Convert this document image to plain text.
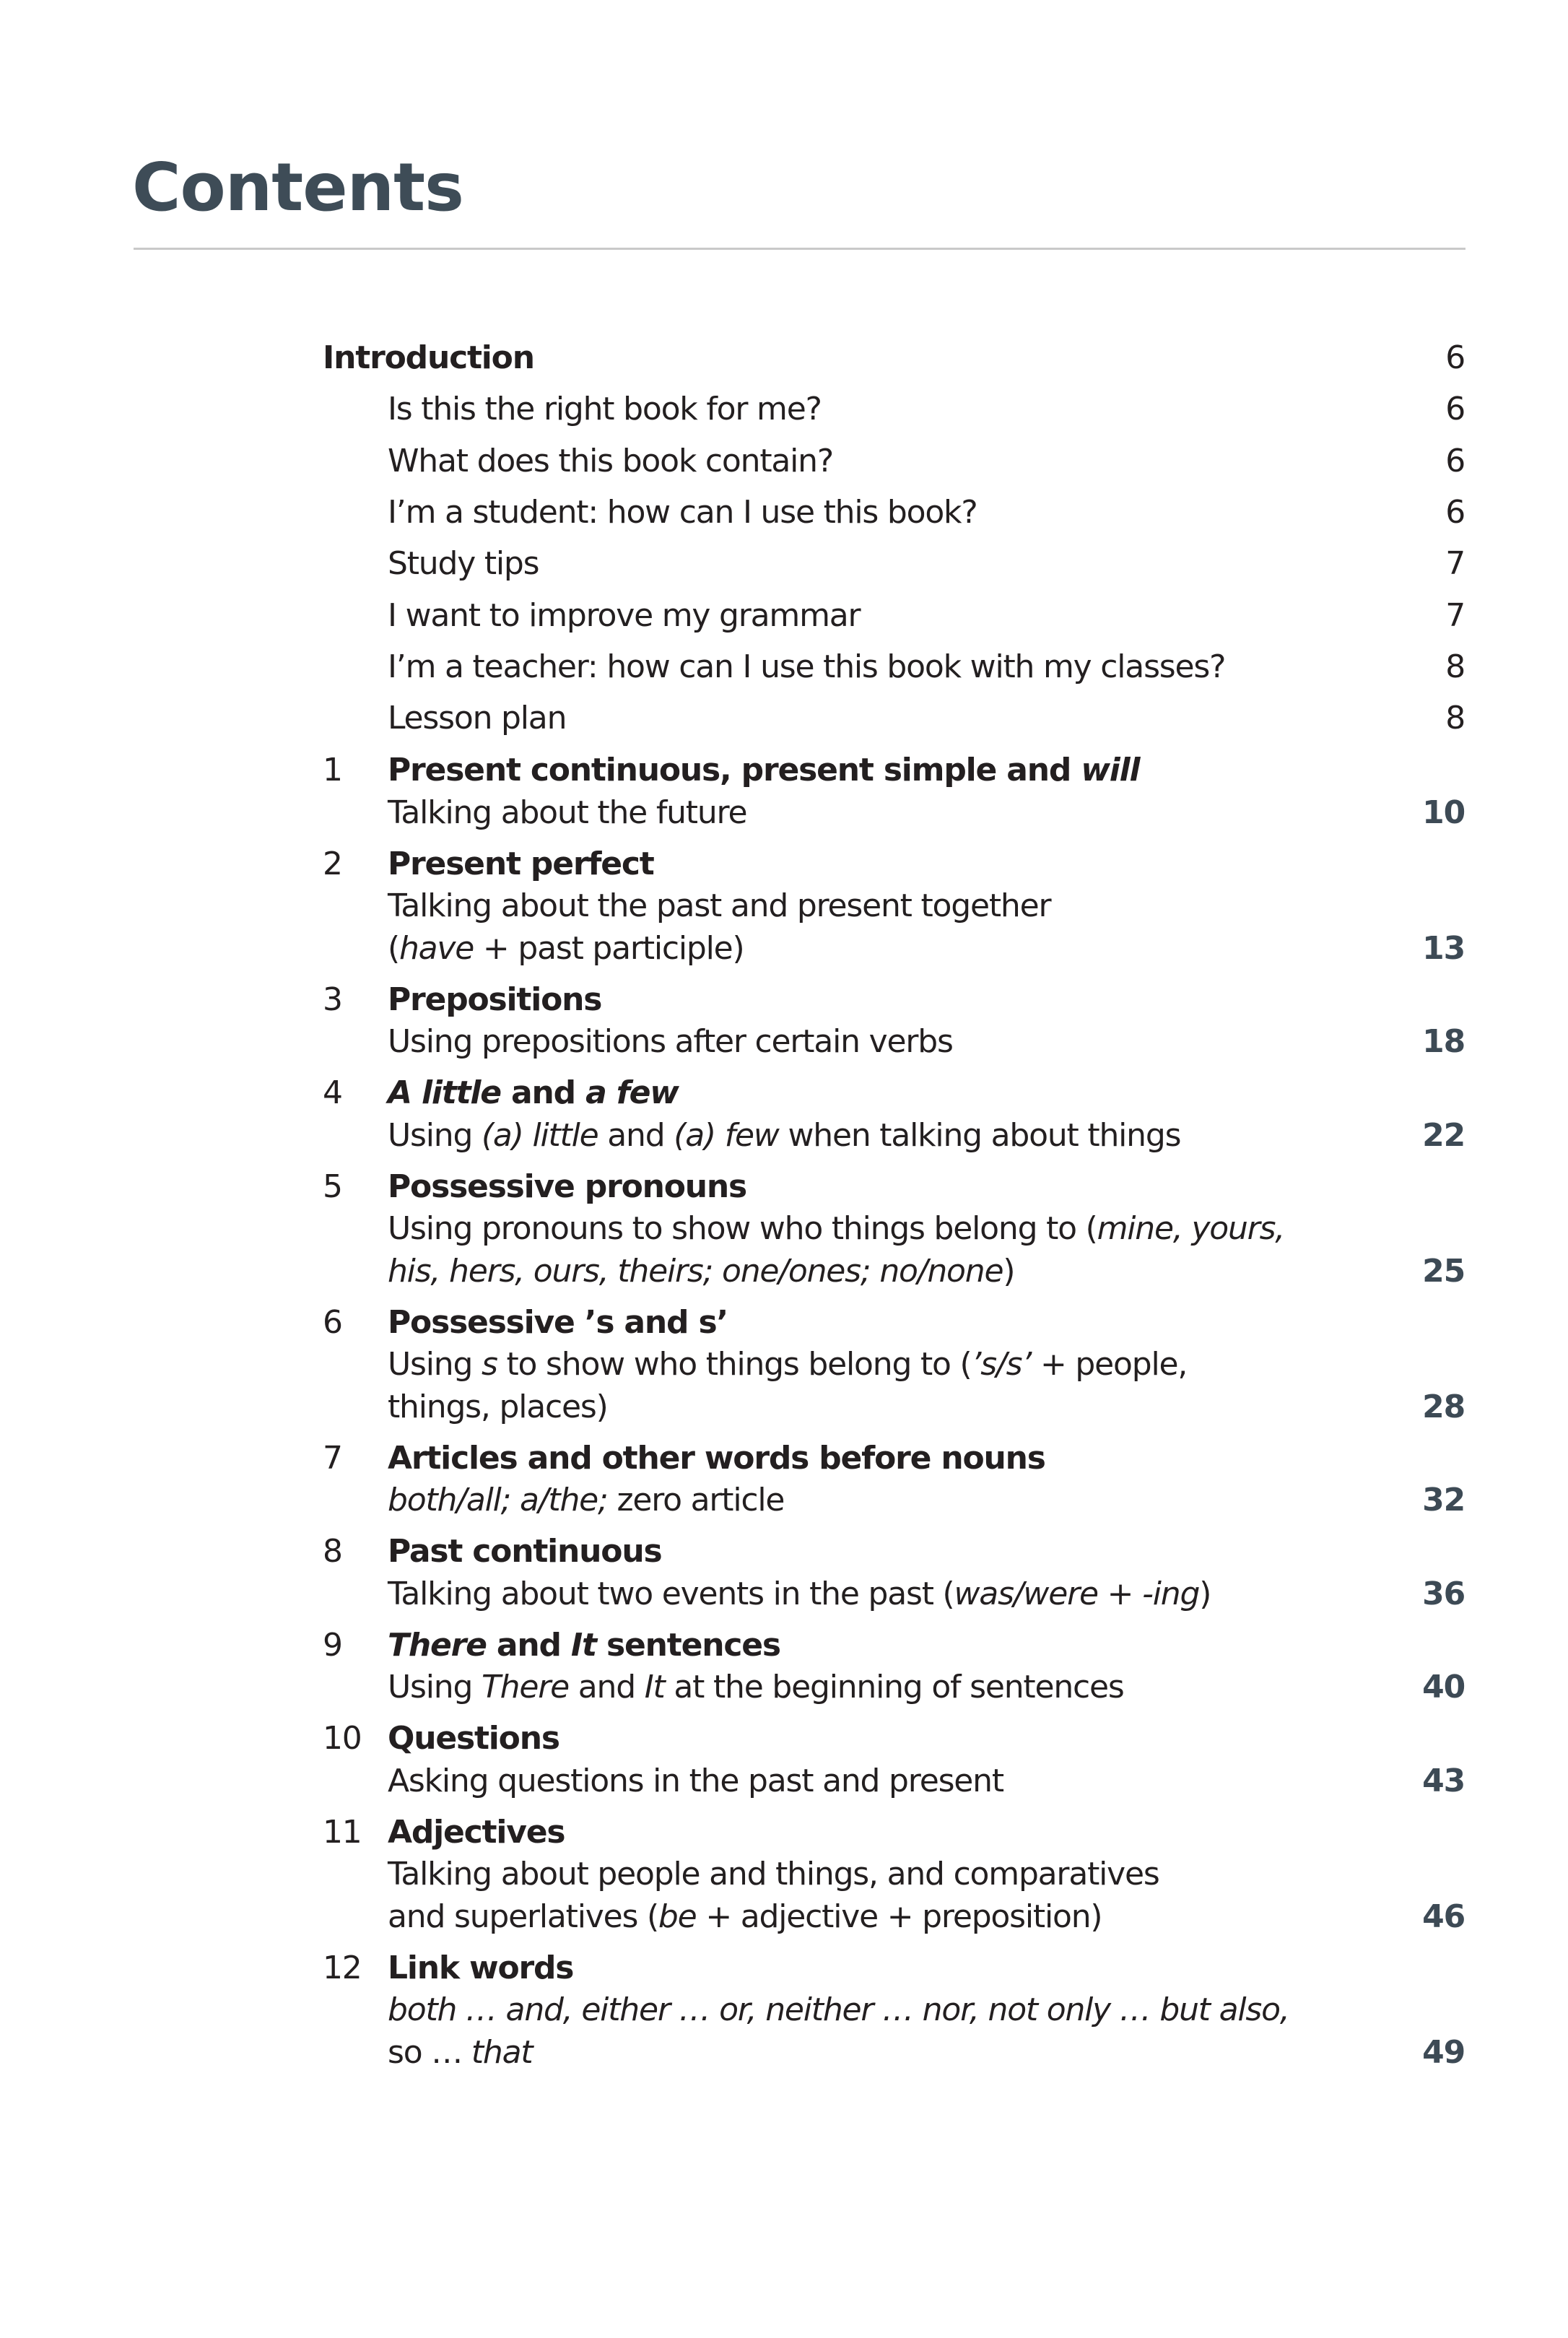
Contents
Introduction	6
Is this the right book for me?	6
What does this book contain?	6
I’m a student: how can I use this book?	6
Study tips	7
I want to improve my grammar	7
I’m a teacher: how can I use this book with my classes?	8
Lesson plan	8
1 Present continuous, present simple and will
Talking about the future	10
2 Present perfect
Talking about the past and present together
(have + past participle)	13
3 Prepositions
Using prepositions after certain verbs	18
4 A little and a few
Using (a) little and (a) few when talking about things	22
5 Possessive pronouns
Using pronouns to show who things belong to (mine, yours,
his, hers, ours, theirs; one/ones; no/none)	25
6 Possessive ’s and s’
Using s to show who things belong to (’s/s’ + people,
things, places)	28
7 Articles and other words before nouns
both/all; a/the; zero article	32
8 Past continuous
Talking about two events in the past (was/were + -ing)	36
9 There and It sentences
Using There and It at the beginning of sentences	40
10 Questions
Asking questions in the past and present	43
11 Adjectives
Talking about people and things, and comparatives
and superlatives (be + adjective + preposition)	46
12 Link words
both … and, either … or, neither … nor, not only … but also,
so … that	49
